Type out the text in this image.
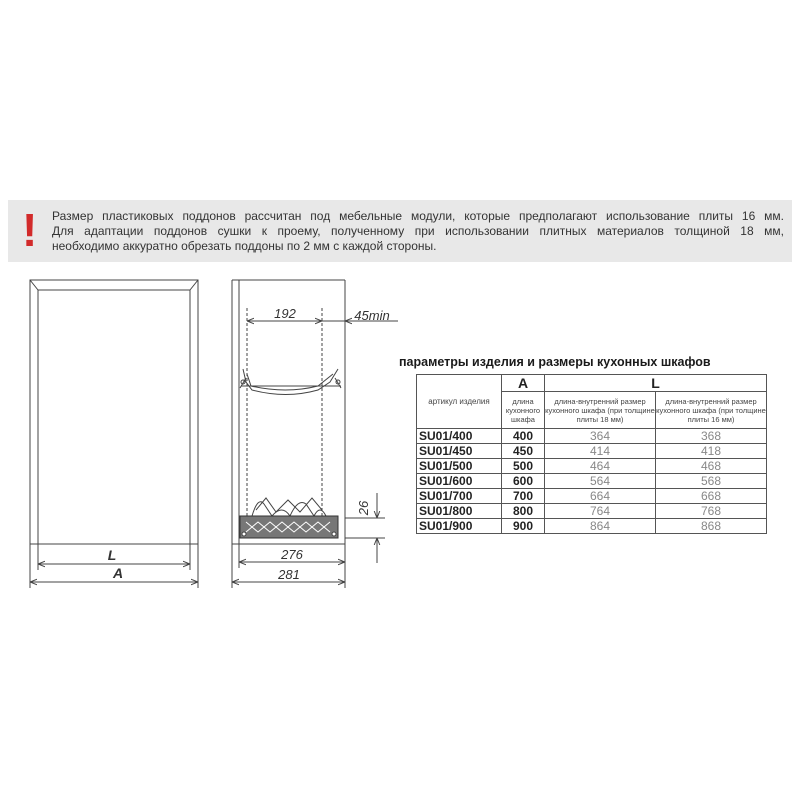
! Размер пластиковых поддонов рассчитан под мебельные модули, которые предполагают использование плиты 16 мм.
Для адаптации поддонов сушки к проему, полученному при использовании плитных материалов толщиной 18 мм,
необходимо аккуратно обрезать поддоны по 2 мм с каждой стороны.
L
A
192	45min
26
276
281
параметры изделия и размеры кухонных шкафов
артикул изделия	A	L	
	длина кухонного шкафа	длина-внутренний размер кухонного шкафа (при толщине плиты 18 мм)	длина-внутренний размер кухонного шкафа (при толщине плиты 16 мм)
SU01/400	400	364	368
SU01/450	450	414	418
SU01/500	500	464	468
SU01/600	600	564	568
SU01/700	700	664	668
SU01/800	800	764	768
SU01/900	900	864	868
